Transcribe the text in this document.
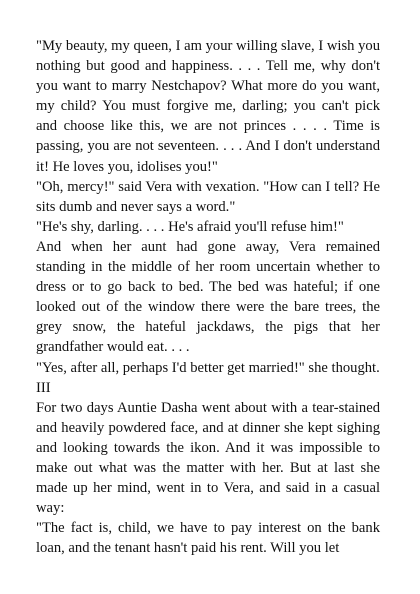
"My beauty, my queen, I am your willing slave, I wish you nothing but good and happiness. . . . Tell me, why don't you want to marry Nestchapov? What more do you want, my child? You must forgive me, darling; you can't pick and choose like this, we are not princes . . . . Time is passing, you are not seventeen. . . . And I don't understand it! He loves you, idolises you!"

"Oh, mercy!" said Vera with vexation. "How can I tell? He sits dumb and never says a word."

"He's shy, darling. . . . He's afraid you'll refuse him!"

And when her aunt had gone away, Vera remained standing in the middle of her room uncertain whether to dress or to go back to bed. The bed was hateful; if one looked out of the window there were the bare trees, the grey snow, the hateful jackdaws, the pigs that her grandfather would eat. . . .

"Yes, after all, perhaps I'd better get married!" she thought.

III

For two days Auntie Dasha went about with a tear-stained and heavily powdered face, and at dinner she kept sighing and looking towards the ikon. And it was impossible to make out what was the matter with her. But at last she made up her mind, went in to Vera, and said in a casual way:

"The fact is, child, we have to pay interest on the bank loan, and the tenant hasn't paid his rent. Will you let
